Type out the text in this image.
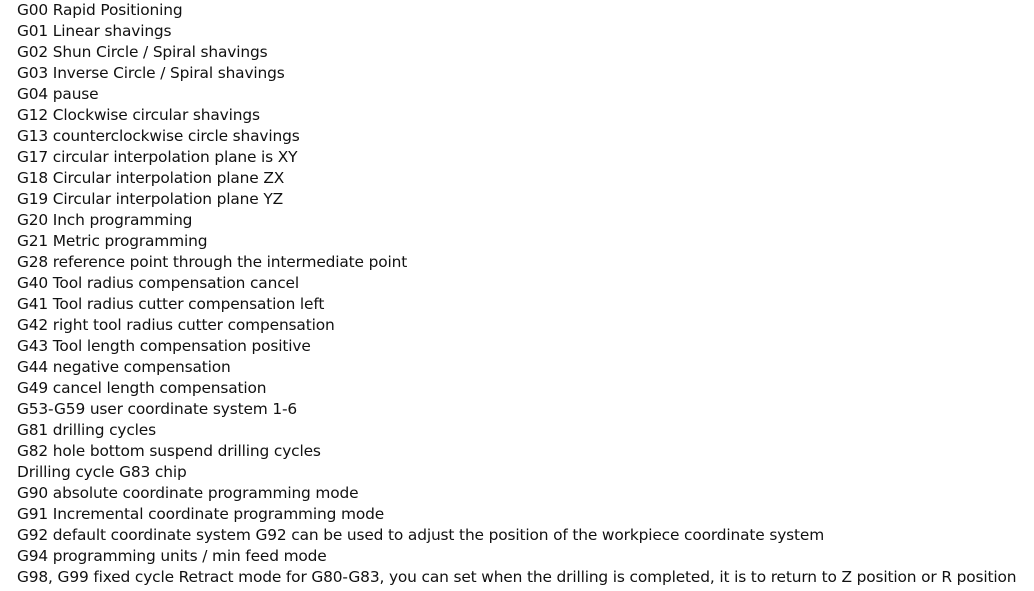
G00 Rapid Positioning
G01 Linear shavings
G02 Shun Circle / Spiral shavings
G03 Inverse Circle / Spiral shavings
G04 pause
G12 Clockwise circular shavings
G13 counterclockwise circle shavings
G17 circular interpolation plane is XY
G18 Circular interpolation plane ZX
G19 Circular interpolation plane YZ
G20 Inch programming
G21 Metric programming
G28 reference point through the intermediate point
G40 Tool radius compensation cancel
G41 Tool radius cutter compensation left
G42 right tool radius cutter compensation
G43 Tool length compensation positive
G44 negative compensation
G49 cancel length compensation
G53-G59 user coordinate system 1-6
G81 drilling cycles
G82 hole bottom suspend drilling cycles
Drilling cycle G83 chip
G90 absolute coordinate programming mode
G91 Incremental coordinate programming mode
G92 default coordinate system G92 can be used to adjust the position of the workpiece coordinate system
G94 programming units / min feed mode
G98, G99 fixed cycle Retract mode for G80-G83, you can set when the drilling is completed, it is to return to Z position or R position
